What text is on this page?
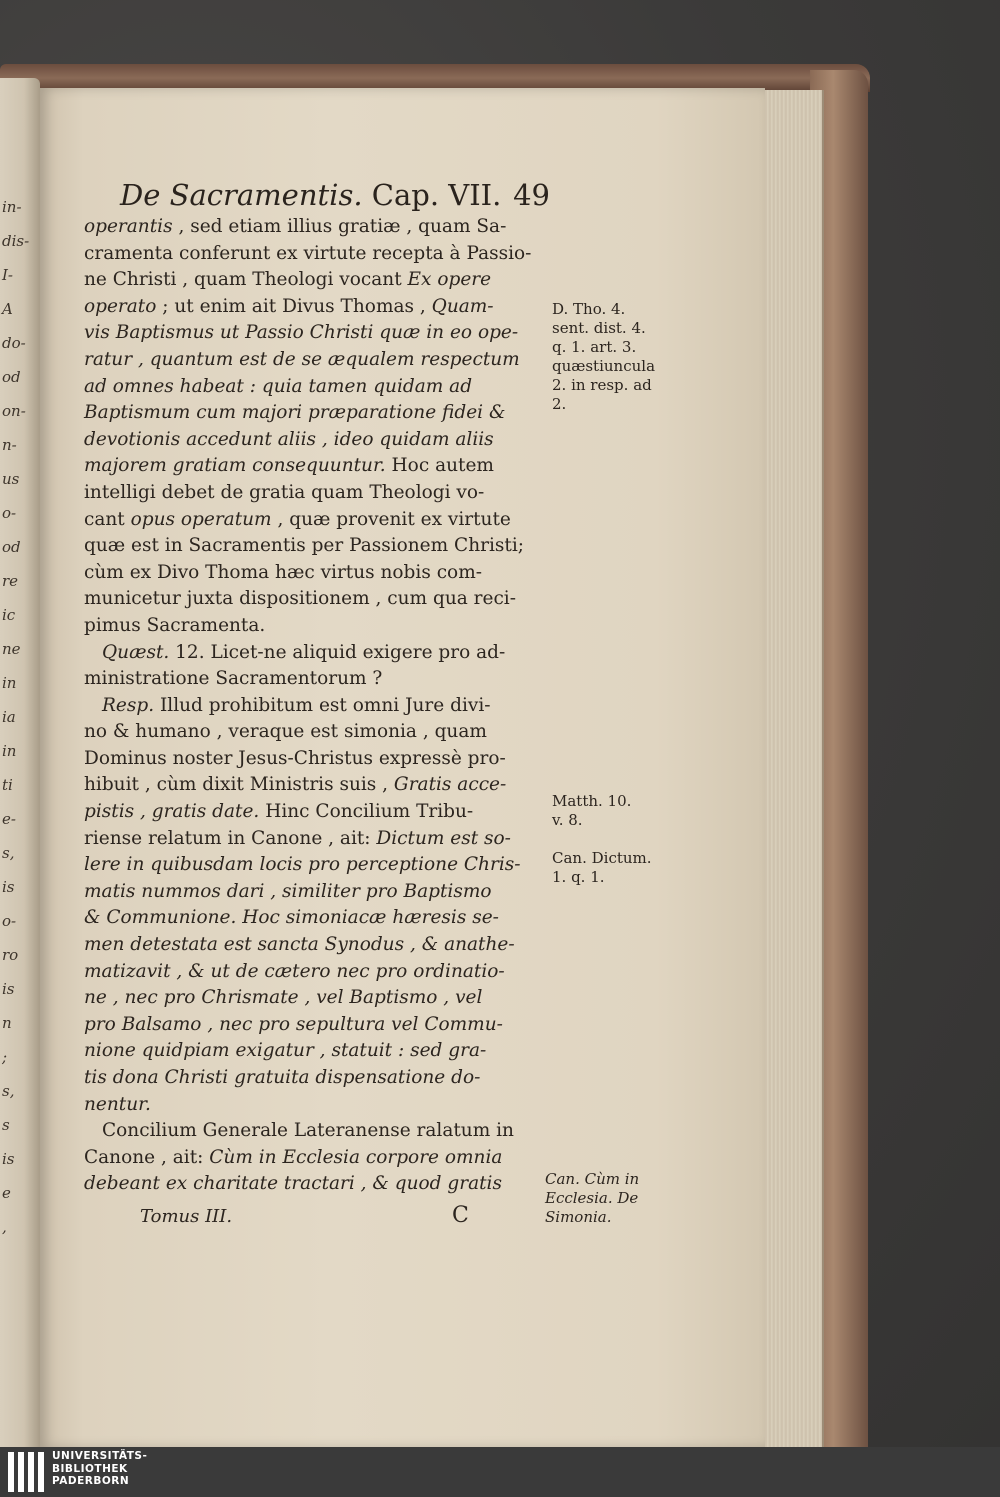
in-
dis-
I-
A
do-
od
on-
n-
us
o-
od
re
ic
ne
in
ia
in
ti
e-
s,
is
o-
ro
is
n
;
s,
s
is
e
,
De Sacramentis. Cap. VII. 49

operantis , sed etiam illius gratiæ , quam Sa-

cramenta conferunt ex virtute recepta à Passio-

ne Christi , quam Theologi vocant Ex opere

operato ; ut enim ait Divus Thomas , Quam-

vis Baptismus ut Passio Christi quæ in eo ope-

ratur , quantum est de se æqualem respectum

ad omnes habeat : quia tamen quidam ad

Baptismum cum majori præparatione fidei &

devotionis accedunt aliis , ideo quidam aliis

majorem gratiam consequuntur. Hoc autem

intelligi debet de gratia quam Theologi vo-

cant opus operatum , quæ provenit ex virtute

quæ est in Sacramentis per Passionem Christi;

cùm ex Divo Thoma hæc virtus nobis com-

municetur juxta dispositionem , cum qua reci-

pimus Sacramenta.

Quæst. 12. Licet-ne aliquid exigere pro ad-

ministratione Sacramentorum ?

Resp. Illud prohibitum est omni Jure divi-

no & humano , veraque est simonia , quam

Dominus noster Jesus-Christus expressè pro-

hibuit , cùm dixit Ministris suis , Gratis acce-

pistis , gratis date. Hinc Concilium Tribu-

riense relatum in Canone , ait: Dictum est so-

lere in quibusdam locis pro perceptione Chris-

matis nummos dari , similiter pro Baptismo

& Communione. Hoc simoniacæ hæresis se-

men detestata est sancta Synodus , & anathe-

matizavit , & ut de cætero nec pro ordinatio-

ne , nec pro Chrismate , vel Baptismo , vel

pro Balsamo , nec pro sepultura vel Commu-

nione quidpiam exigatur , statuit : sed gra-

tis dona Christi gratuita dispensatione do-

nentur.

Concilium Generale Lateranense ralatum in

Canone , ait: Cùm in Ecclesia corpore omnia

debeant ex charitate tractari , & quod gratis

D. Tho. 4.
sent. dist. 4.
q. 1. art. 3.
quæstiuncula
2. in resp. ad
2.
Matth. 10.
v. 8.
Can. Dictum.
1. q. 1.
Can. Cùm in
Ecclesia. De
Simonia.
Tomus III.	C
UNIVERSITÄTS-
BIBLIOTHEK
PADERBORN
